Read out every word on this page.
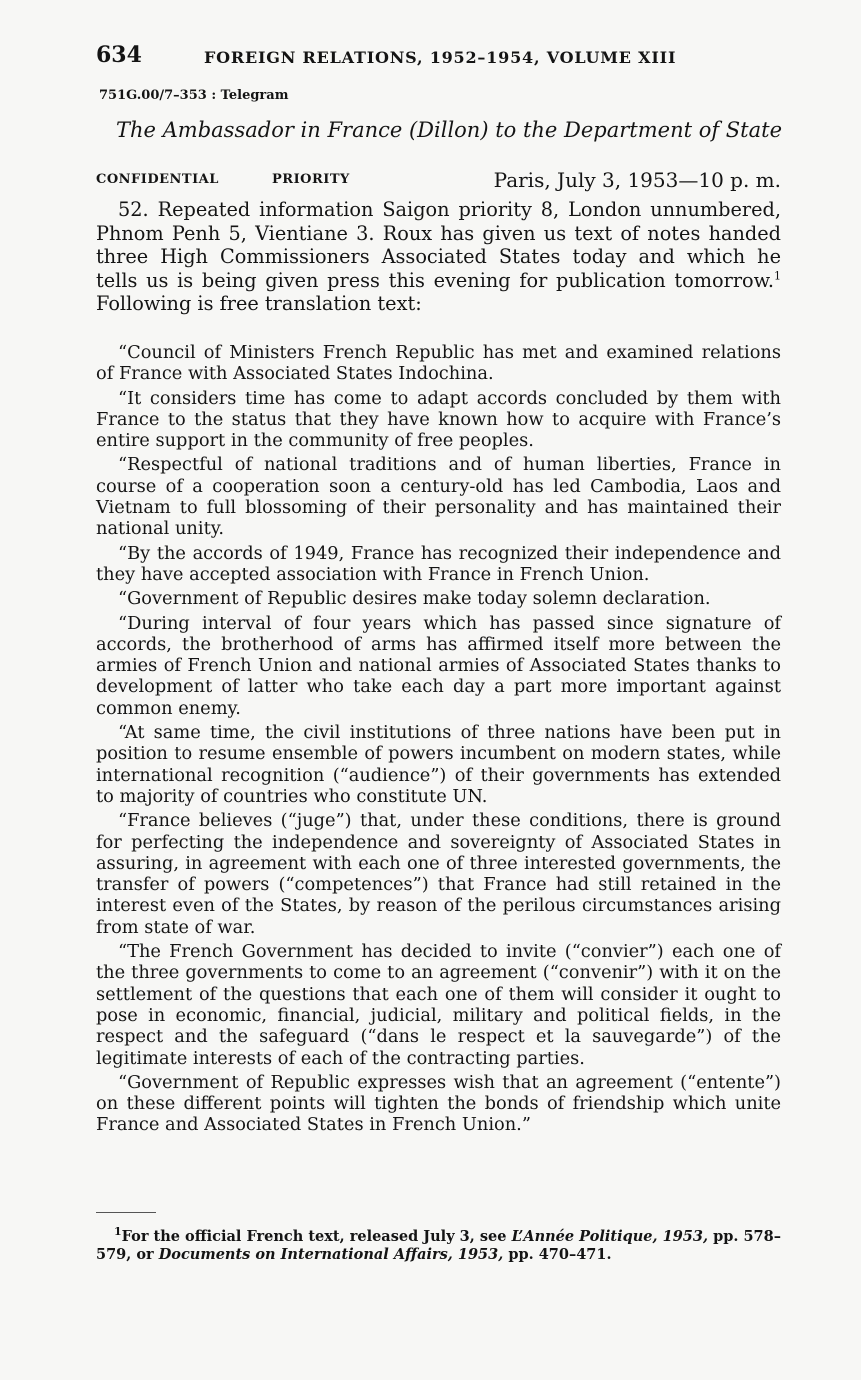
634	FOREIGN RELATIONS, 1952–1954, VOLUME XIII
751G.00/7–353 : Telegram
The Ambassador in France (Dillon) to the Department of State
CONFIDENTIAL	PRIORITY	Paris, July 3, 1953—10 p. m.

52. Repeated information Saigon priority 8, London unnumbered, Phnom Penh 5, Vientiane 3. Roux has given us text of notes handed three High Commissioners Associated States today and which he tells us is being given press this evening for publication tomorrow.$^1$ Following is free translation text:

“Council of Ministers French Republic has met and examined relations of France with Associated States Indochina.

“It considers time has come to adapt accords concluded by them with France to the status that they have known how to acquire with France’s entire support in the community of free peoples.

“Respectful of national traditions and of human liberties, France in course of a cooperation soon a century-old has led Cambodia, Laos and Vietnam to full blossoming of their personality and has maintained their national unity.

“By the accords of 1949, France has recognized their independence and they have accepted association with France in French Union.

“Government of Republic desires make today solemn declaration.

“During interval of four years which has passed since signature of accords, the brotherhood of arms has affirmed itself more between the armies of French Union and national armies of Associated States thanks to development of latter who take each day a part more important against common enemy.

“At same time, the civil institutions of three nations have been put in position to resume ensemble of powers incumbent on modern states, while international recognition (“audience”) of their governments has extended to majority of countries who constitute UN.

“France believes (“juge”) that, under these conditions, there is ground for perfecting the independence and sovereignty of Associated States in assuring, in agreement with each one of three interested governments, the transfer of powers (“competences”) that France had still retained in the interest even of the States, by reason of the perilous circumstances arising from state of war.

“The French Government has decided to invite (“convier”) each one of the three governments to come to an agreement (“convenir”) with it on the settlement of the questions that each one of them will consider it ought to pose in economic, financial, judicial, military and political fields, in the respect and the safeguard (“dans le respect et la sauvegarde”) of the legitimate interests of each of the contracting parties.

“Government of Republic expresses wish that an agreement (“entente”) on these different points will tighten the bonds of friendship which unite France and Associated States in French Union.”

$^1$For the official French text, released July 3, see L’Année Politique, 1953, pp. 578–579, or Documents on International Affairs, 1953, pp. 470–471.
